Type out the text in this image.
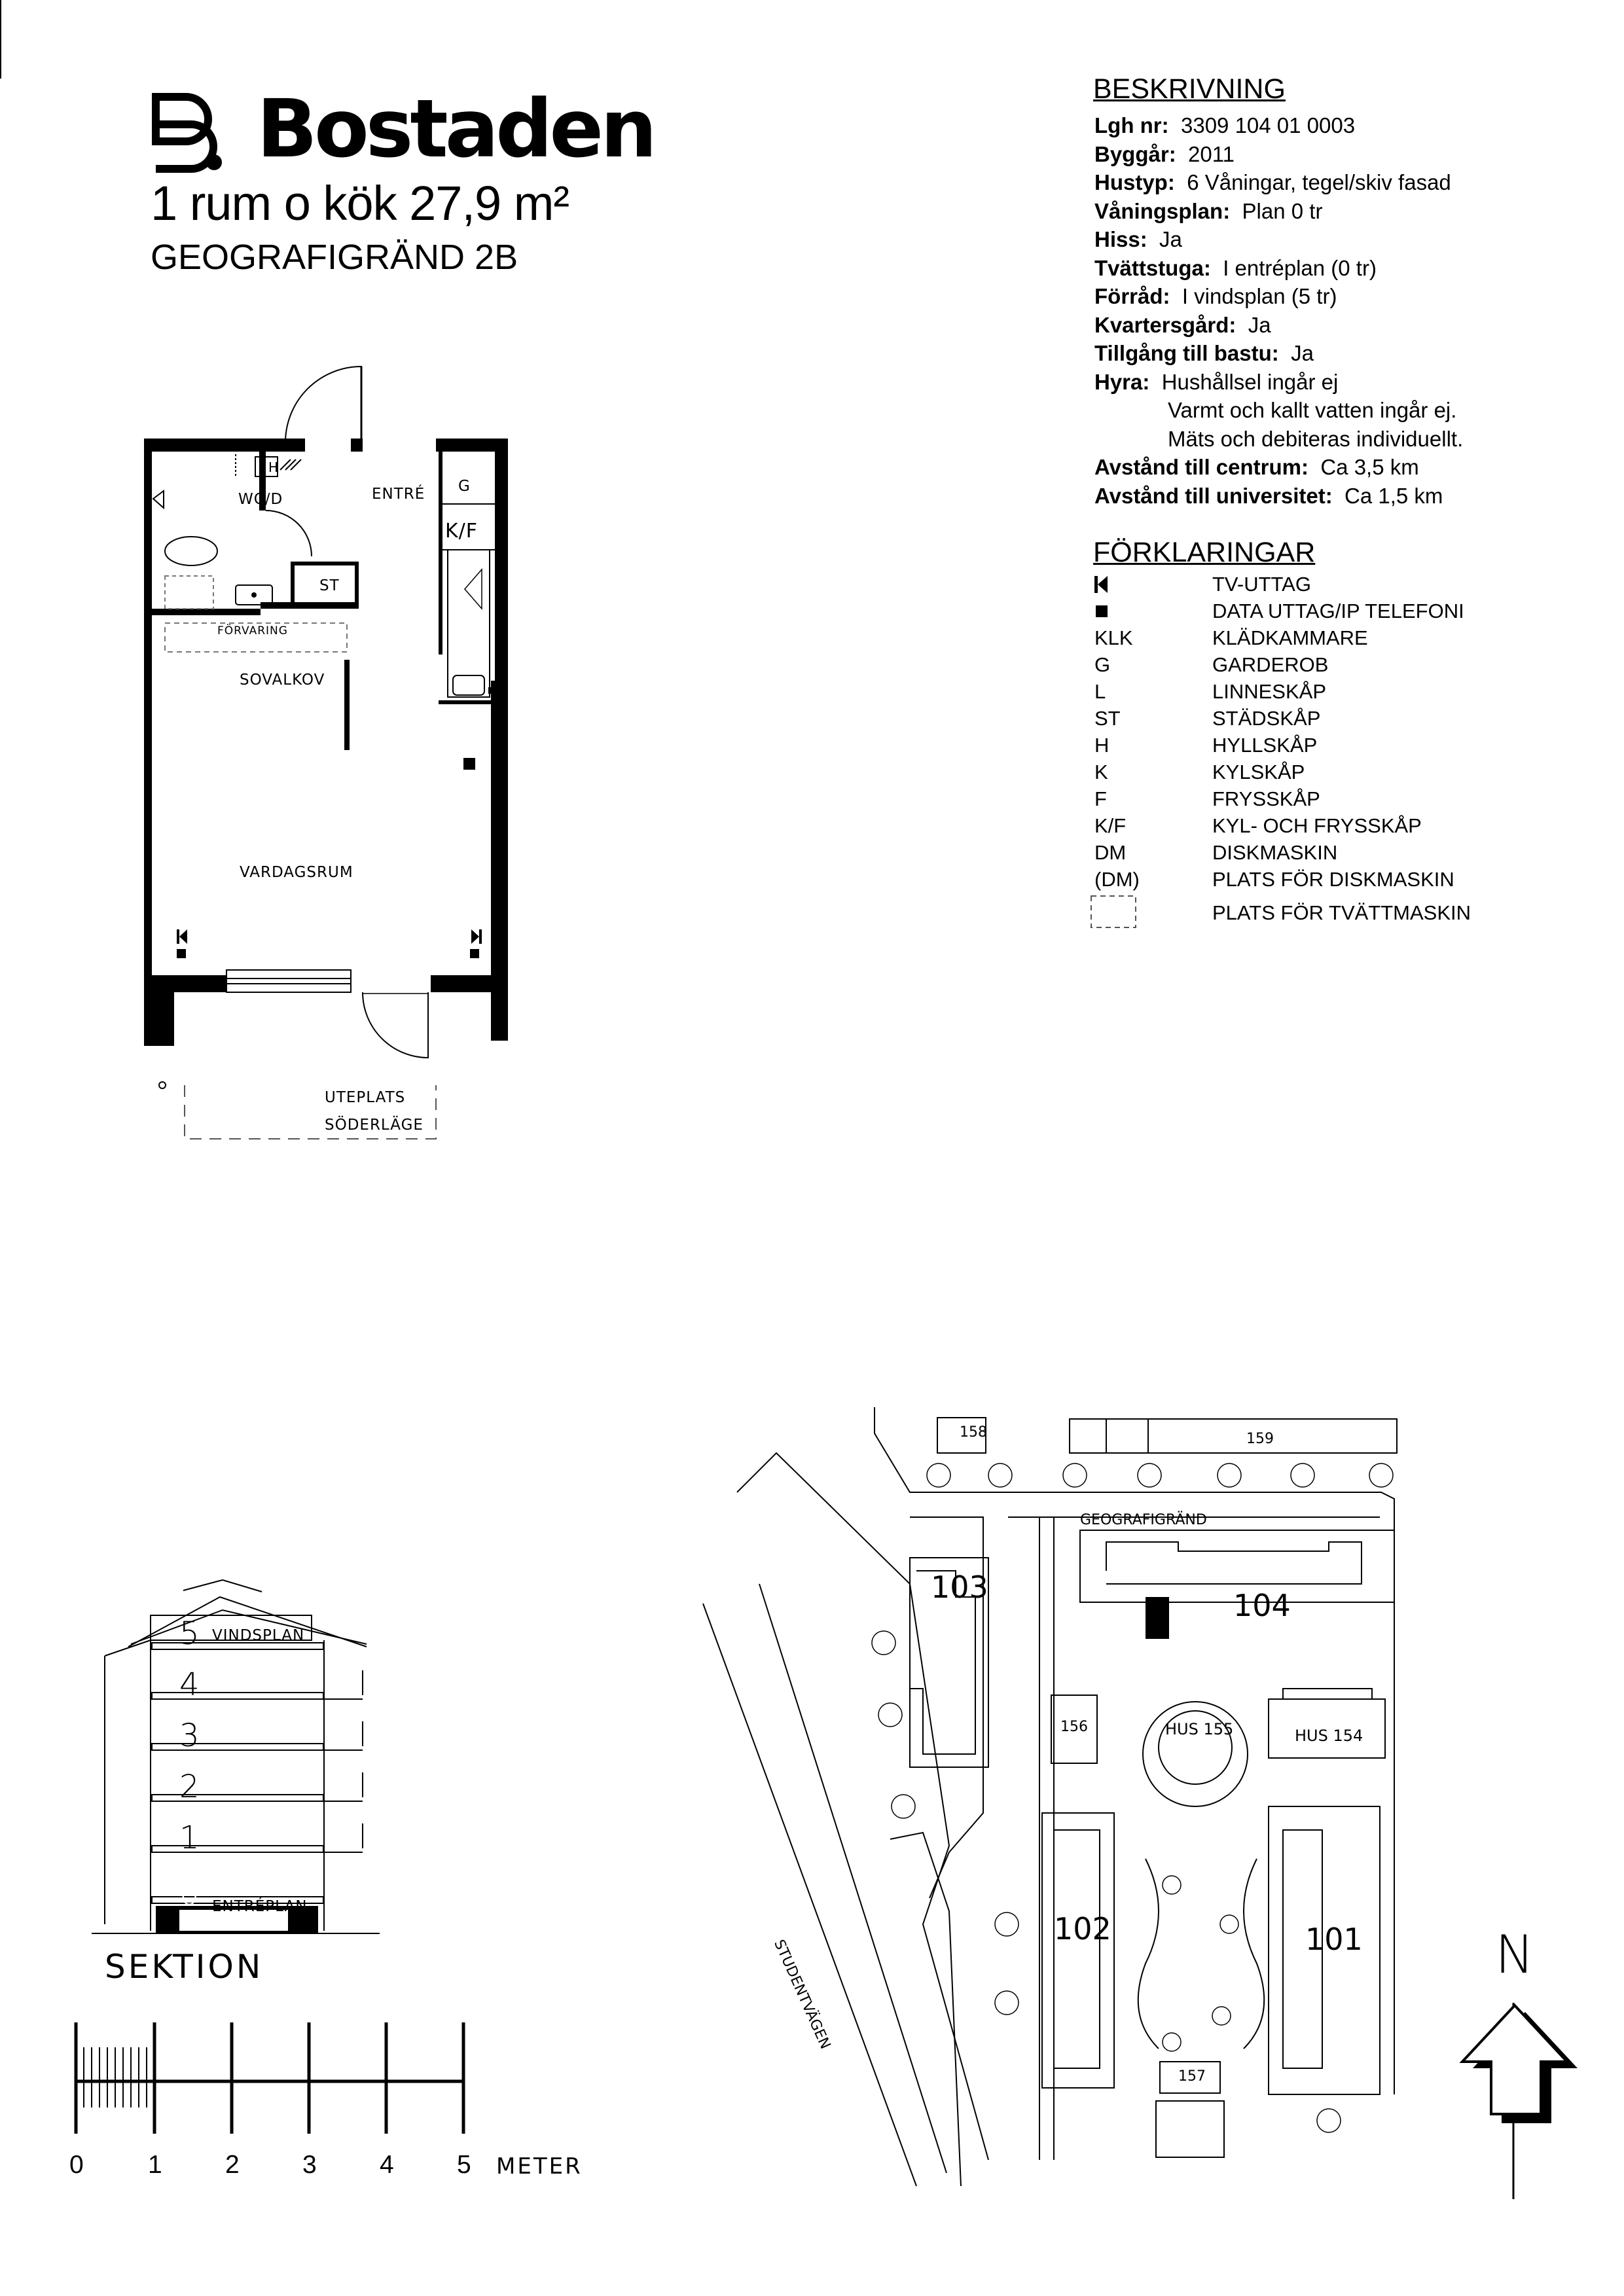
Bostaden
1 rum o kök 27,9 m²
GEOGRAFIGRÄND 2B
BESKRIVNING
Lgh nr: 3309 104 01 0003
Byggår: 2011
Hustyp: 6 Våningar, tegel/skiv fasad
Våningsplan: Plan 0 tr
Hiss: Ja
Tvättstuga: I entréplan (0 tr)
Förråd: I vindsplan (5 tr)
Kvartersgård: Ja
Tillgång till bastu: Ja
Hyra: Hushållsel ingår ej
Varmt och kallt vatten ingår ej.
Mäts och debiteras individuellt.
Avstånd till centrum: Ca 3,5 km
Avstånd till universitet: Ca 1,5 km
FÖRKLARINGAR
TV-UTTAG
DATA UTTAG/IP TELEFONI
KLK	KLÄDKAMMARE
G	GARDEROB
L	LINNESKÅP
ST	STÄDSKÅP
H	HYLLSKÅP
K	KYLSKÅP
F	FRYSSKÅP
K/F	KYL- OCH FRYSSKÅP
DM	DISKMASKIN
(DM)	PLATS FÖR DISKMASKIN
PLATS FÖR TVÄTTMASKIN
WC/D
H
ENTRÉ G
K/F
ST
FÖRVARING
SOVALKOV
VARDAGSRUM
UTEPLATS
SÖDERLÄGE
5 VINDSPLAN
4
3
2
1
0 ENTRÉPLAN
SEKTION
0	1 2 3 4 5 METER
158	159
GEOGRAFIGRÄND
103
104
156	HUS 155	HUS 154
102	101
157
STUDENTVÄGEN	N
